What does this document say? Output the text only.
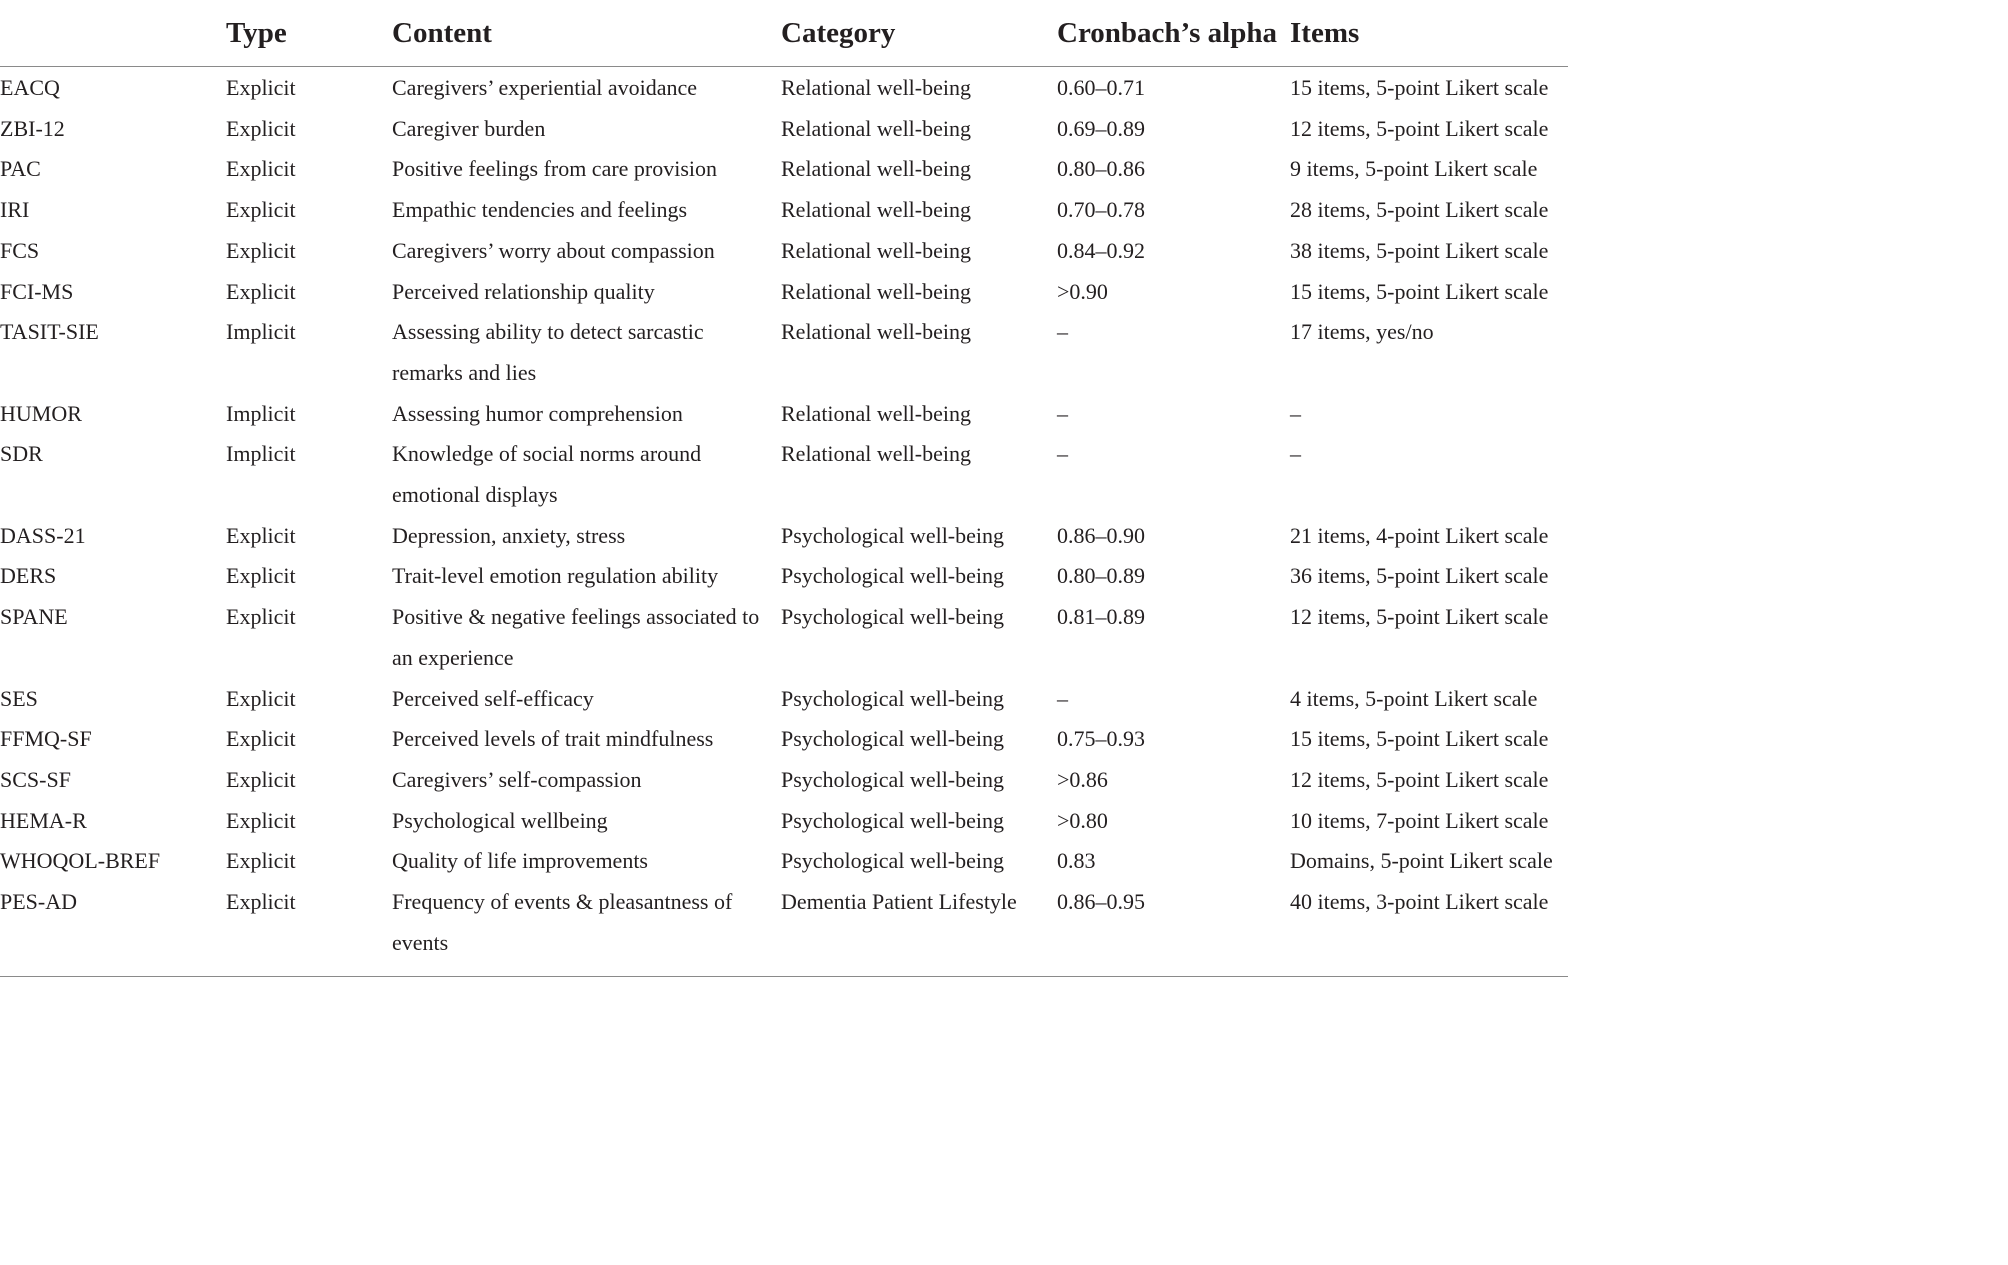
	Type	Content	Category	Cronbach’s alpha	Items
EACQ	Explicit	Caregivers’ experiential avoidance	Relational well-being	0.60–0.71	15 items, 5-point Likert scale
ZBI-12	Explicit	Caregiver burden	Relational well-being	0.69–0.89	12 items, 5-point Likert scale
PAC	Explicit	Positive feelings from care provision	Relational well-being	0.80–0.86	9 items, 5-point Likert scale
IRI	Explicit	Empathic tendencies and feelings	Relational well-being	0.70–0.78	28 items, 5-point Likert scale
FCS	Explicit	Caregivers’ worry about compassion	Relational well-being	0.84–0.92	38 items, 5-point Likert scale
FCI-MS	Explicit	Perceived relationship quality	Relational well-being	>0.90	15 items, 5-point Likert scale
TASIT-SIE	Implicit	Assessing ability to detect sarcastic remarks and lies	Relational well-being	–	17 items, yes/no
HUMOR	Implicit	Assessing humor comprehension	Relational well-being	–	–
SDR	Implicit	Knowledge of social norms around emotional displays	Relational well-being	–	–
DASS-21	Explicit	Depression, anxiety, stress	Psychological well-being	0.86–0.90	21 items, 4-point Likert scale
DERS	Explicit	Trait-level emotion regulation ability	Psychological well-being	0.80–0.89	36 items, 5-point Likert scale
SPANE	Explicit	Positive & negative feelings associated to an experience	Psychological well-being	0.81–0.89	12 items, 5-point Likert scale
SES	Explicit	Perceived self-efficacy	Psychological well-being	–	4 items, 5-point Likert scale
FFMQ-SF	Explicit	Perceived levels of trait mindfulness	Psychological well-being	0.75–0.93	15 items, 5-point Likert scale
SCS-SF	Explicit	Caregivers’ self-compassion	Psychological well-being	>0.86	12 items, 5-point Likert scale
HEMA-R	Explicit	Psychological wellbeing	Psychological well-being	>0.80	10 items, 7-point Likert scale
WHOQOL-BREF	Explicit	Quality of life improvements	Psychological well-being	0.83	Domains, 5-point Likert scale
PES-AD	Explicit	Frequency of events & pleasantness of events	Dementia Patient Lifestyle	0.86–0.95	40 items, 3-point Likert scale
